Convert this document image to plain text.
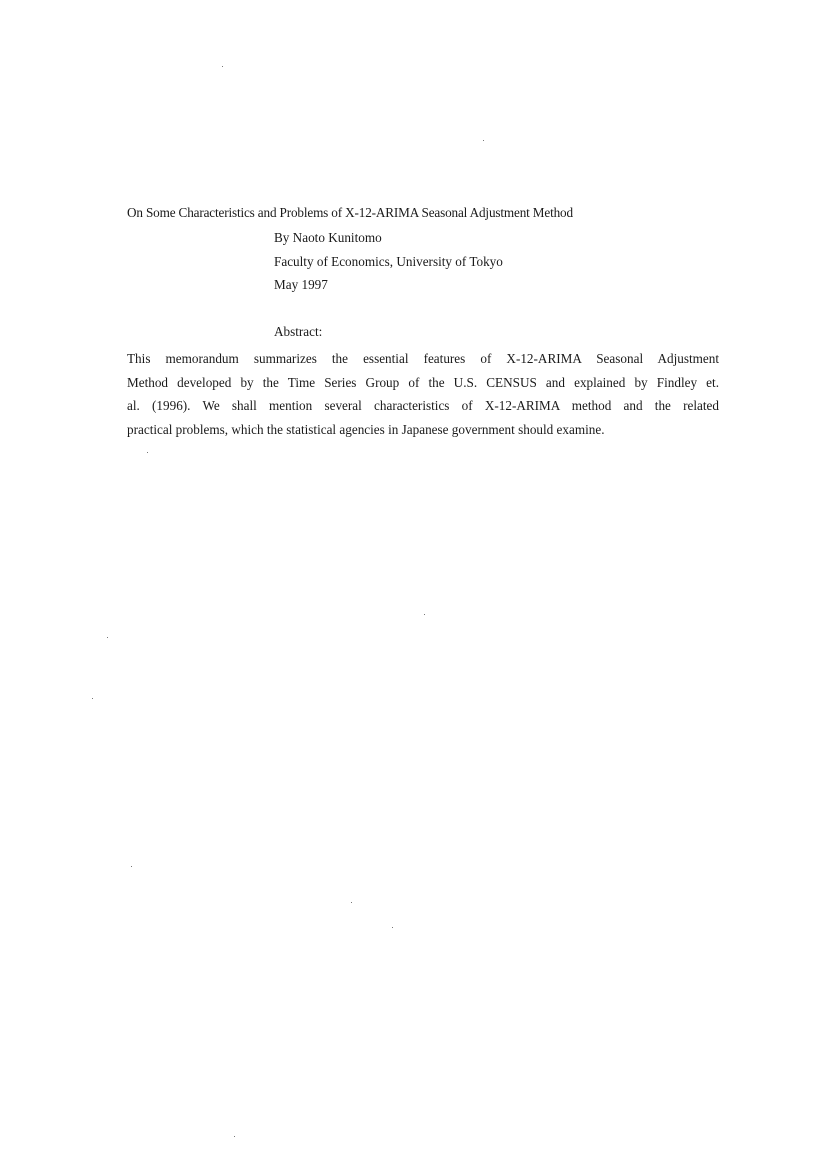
On Some Characteristics and Problems of X-12-ARIMA Seasonal Adjustment Method
By Naoto Kunitomo
Faculty of Economics, University of Tokyo
May 1997
Abstract:

This memorandum summarizes the essential features of X-12-ARIMA Seasonal Adjustment
Method developed by the Time Series Group of the U.S. CENSUS and explained by Findley et.
al. (1996). We shall mention several characteristics of X-12-ARIMA method and the related
practical problems, which the statistical agencies in Japanese government should examine.
